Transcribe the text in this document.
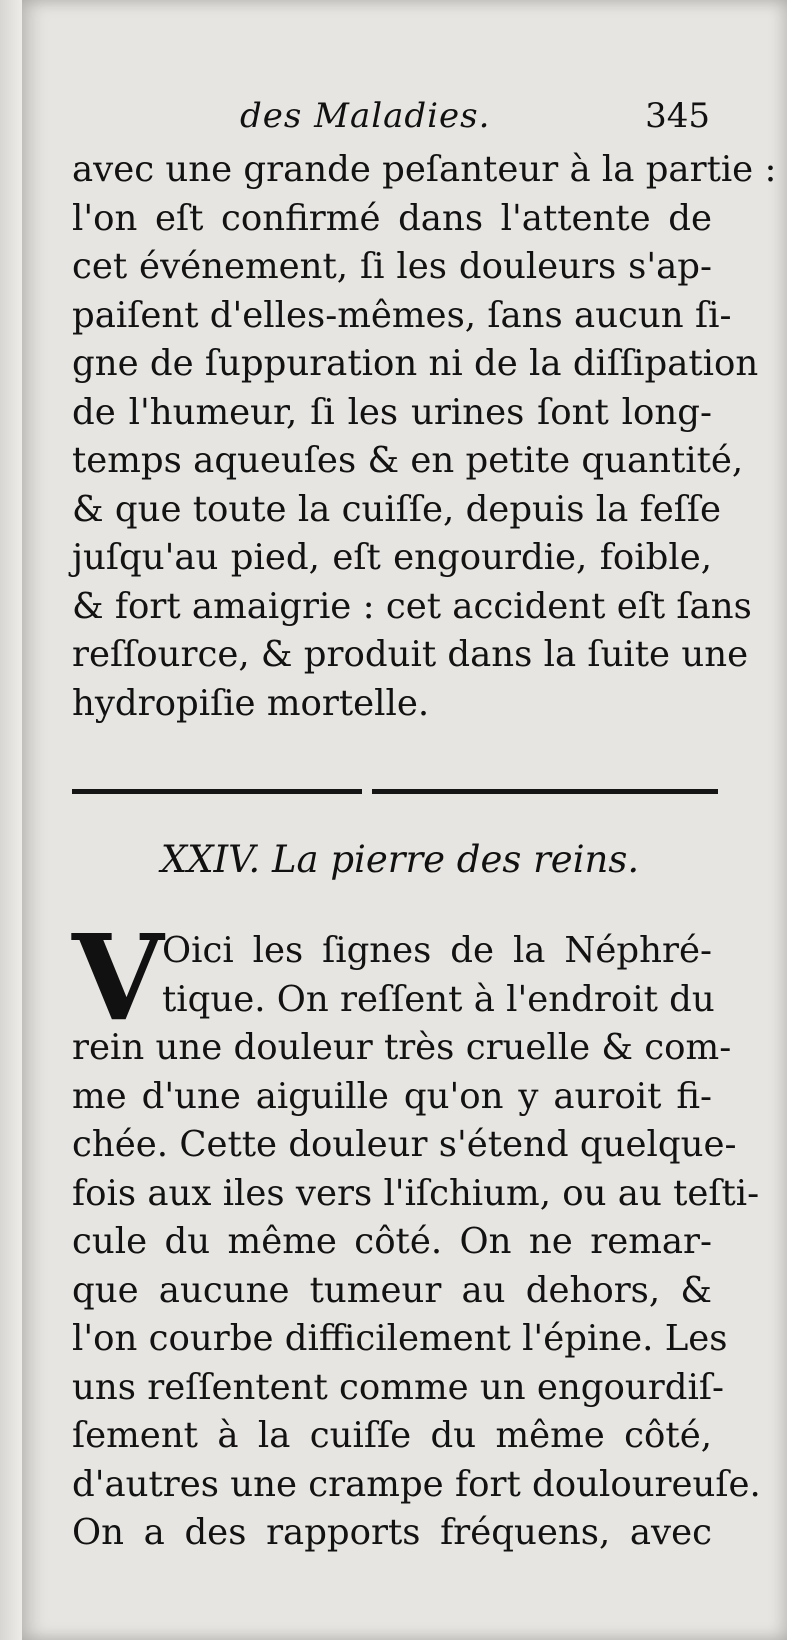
des Maladies.	345
avec une grande peſanteur à la partie :
l'on eſt confirmé dans l'attente de
cet événement, ſi les douleurs s'ap-
paiſent d'elles-mêmes, ſans aucun ſi-
gne de ſuppuration ni de la diſſipation
de l'humeur, ſi les urines ſont long-
temps aqueuſes & en petite quantité,
& que toute la cuiſſe, depuis la feſſe
juſqu'au pied, eſt engourdie, foible,
& fort amaigrie : cet accident eſt ſans
reſſource, & produit dans la ſuite une
hydropiſie mortelle.
XXIV. La pierre des reins.
V
Oici les ſignes de la Néphré-
tique. On reſſent à l'endroit du
rein une douleur très cruelle & com-
me d'une aiguille qu'on y auroit fi-
chée. Cette douleur s'étend quelque-
fois aux iles vers l'iſchium, ou au teſti-
cule du même côté. On ne remar-
que aucune tumeur au dehors, &
l'on courbe difficilement l'épine. Les
uns reſſentent comme un engourdiſ-
ſement à la cuiſſe du même côté,
d'autres une crampe fort douloureuſe.
On a des rapports fréquens, avec
